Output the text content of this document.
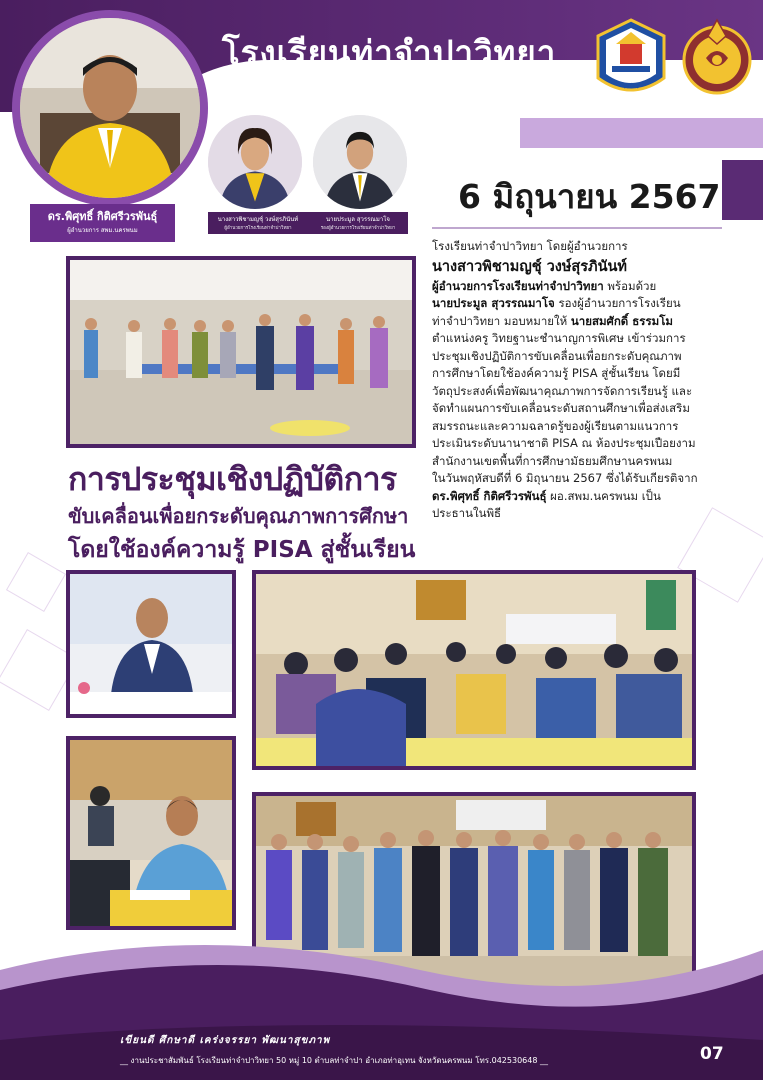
โรงเรียนท่าจำปาวิทยา
สำนักงานเขตพื้นที่การศึกษามัธยมศึกษานครพนม	ทจว
ดร.พิศุทธิ์ กิติศรีวรพันธุ์
ผู้อำนวยการ สพม.นครพนม
นางสาวพิชามญชุ์ วงษ์สุรภินันท์
ผู้อำนวยการโรงเรียนท่าจำปาวิทยา
นายประมูล สุวรรณมาโจ
รองผู้อำนวยการโรงเรียนท่าจำปาวิทยา
6 มิถุนายน 2567
การประชุมเชิงปฏิบัติการ
ขับเคลื่อนเพื่อยกระดับคุณภาพการศึกษา
โดยใช้องค์ความรู้ PISA สู่ชั้นเรียน
โรงเรียนท่าจำปาวิทยา โดยผู้อำนวยการ
นางสาวพิชามญชุ์ วงษ์สุรภินันท์
ผู้อำนวยการโรงเรียนท่าจำปาวิทยา พร้อมด้วย
นายประมูล สุวรรณมาโจ รองผู้อำนวยการโรงเรียน
ท่าจำปาวิทยา มอบหมายให้ นายสมศักดิ์ ธรรมโม
ตำแหน่งครู วิทยฐานะชำนาญการพิเศษ เข้าร่วมการ
ประชุมเชิงปฏิบัติการขับเคลื่อนเพื่อยกระดับคุณภาพ
การศึกษาโดยใช้องค์ความรู้ PISA สู่ชั้นเรียน โดยมี
วัตถุประสงค์เพื่อพัฒนาคุณภาพการจัดการเรียนรู้ และ
จัดทำแผนการขับเคลื่อนระดับสถานศึกษาเพื่อส่งเสริม
สมรรถนะและความฉลาดรู้ของผู้เรียนตามแนวการ
ประเมินระดับนานาชาติ PISA ณ ห้องประชุมเปือยงาม
สำนักงานเขตพื้นที่การศึกษามัธยมศึกษานครพนม
ในวันพฤหัสบดีที่ 6 มิถุนายน 2567 ซึ่งได้รับเกียรติจาก
ดร.พิศุทธิ์ กิติศรีวรพันธุ์ ผอ.สพม.นครพนม เป็น
ประธานในพิธี
เขียนดี ศึกษาดี เคร่งจรรยา พัฒนาสุขภาพ
__ งานประชาสัมพันธ์ โรงเรียนท่าจำปาวิทยา 50 หมู่ 10 ตำบลท่าจำปา อำเภอท่าอุเทน จังหวัดนครพนม โทร.042530648 __	07
